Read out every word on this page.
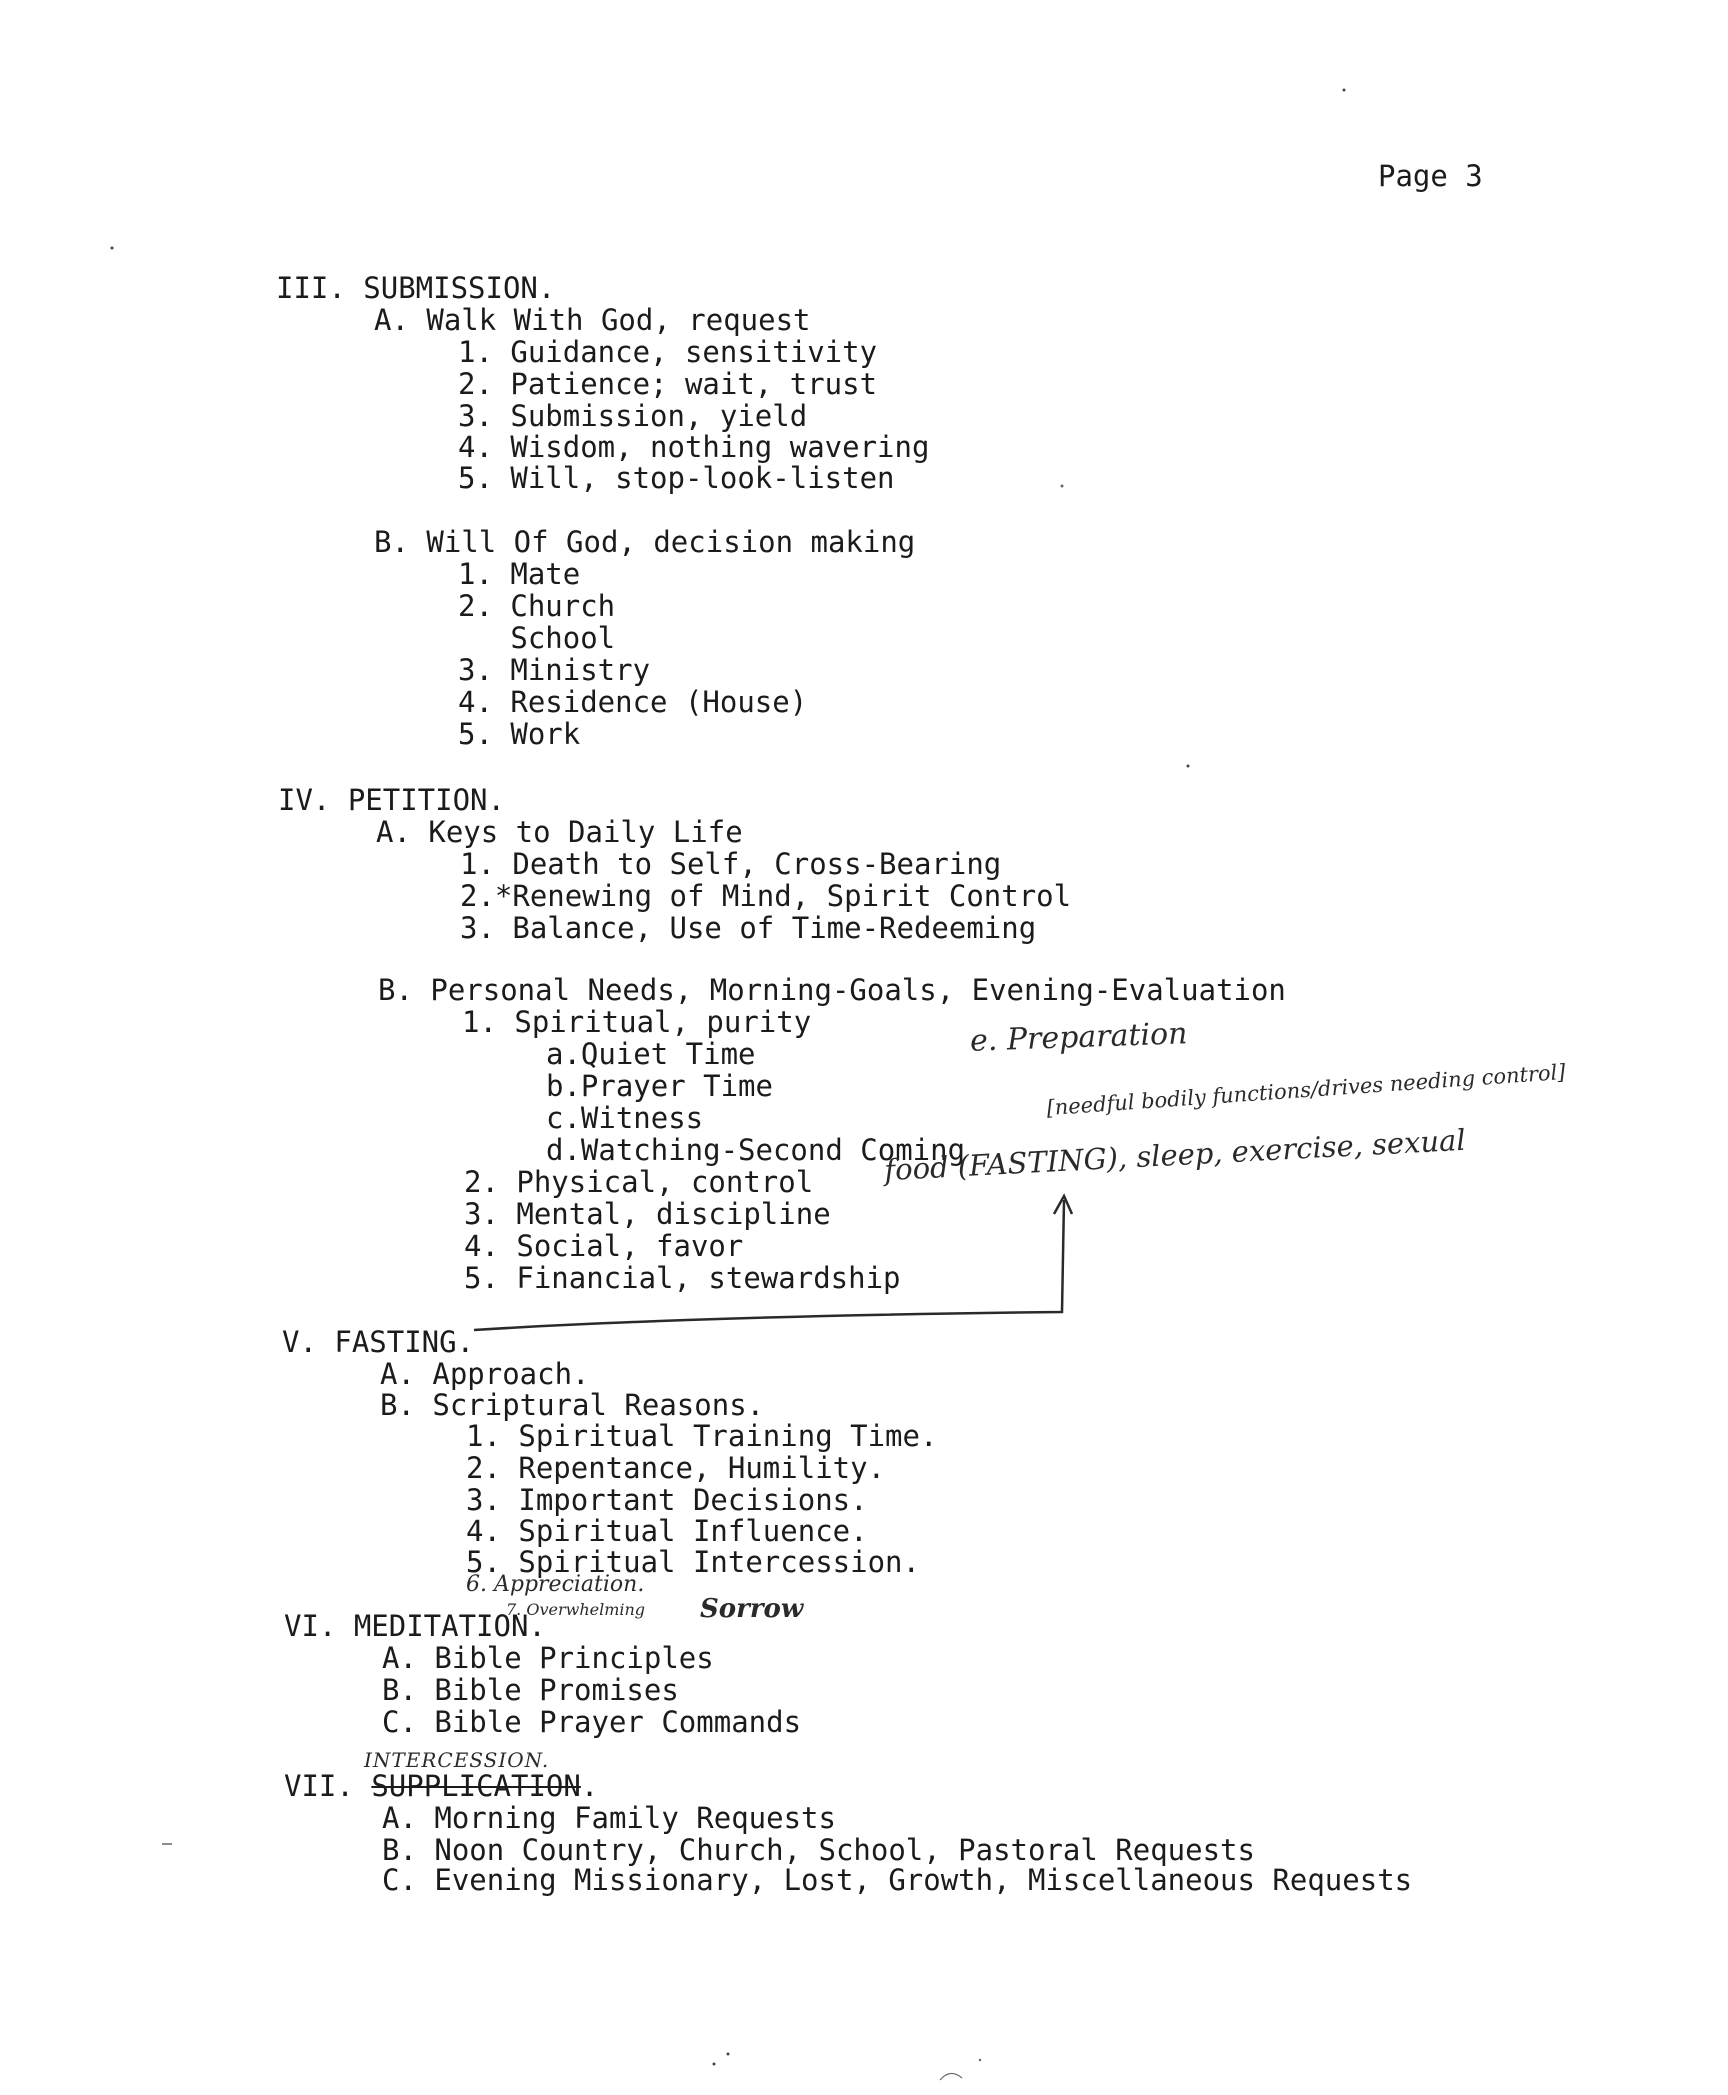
Page 3
III. SUBMISSION.
A. Walk With God, request
1. Guidance, sensitivity
2. Patience; wait, trust
3. Submission, yield
4. Wisdom, nothing wavering
5. Will, stop-look-listen
B. Will Of God, decision making
1. Mate
2. Church
School
3. Ministry
4. Residence (House)
5. Work
IV. PETITION.
A. Keys to Daily Life
1. Death to Self, Cross-Bearing
2.*Renewing of Mind, Spirit Control
3. Balance, Use of Time-Redeeming
B. Personal Needs, Morning-Goals, Evening-Evaluation
1. Spiritual, purity
a.Quiet Time
b.Prayer Time
c.Witness
d.Watching-Second Coming
2. Physical, control
3. Mental, discipline
4. Social, favor
5. Financial, stewardship
V. FASTING.
A. Approach.
B. Scriptural Reasons.
1. Spiritual Training Time.
2. Repentance, Humility.
3. Important Decisions.
4. Spiritual Influence.
5. Spiritual Intercession.
VI. MEDITATION.
A. Bible Principles
B. Bible Promises
C. Bible Prayer Commands
VII. SUPPLICATION.
A. Morning Family Requests
B. Noon Country, Church, School, Pastoral Requests
C. Evening Missionary, Lost, Growth, Miscellaneous Requests
e. Preparation
[needful bodily functions/drives needing control]
food (FASTING), sleep, exercise, sexual
6. Appreciation.
7. Overwhelming Sorrow
INTERCESSION.
